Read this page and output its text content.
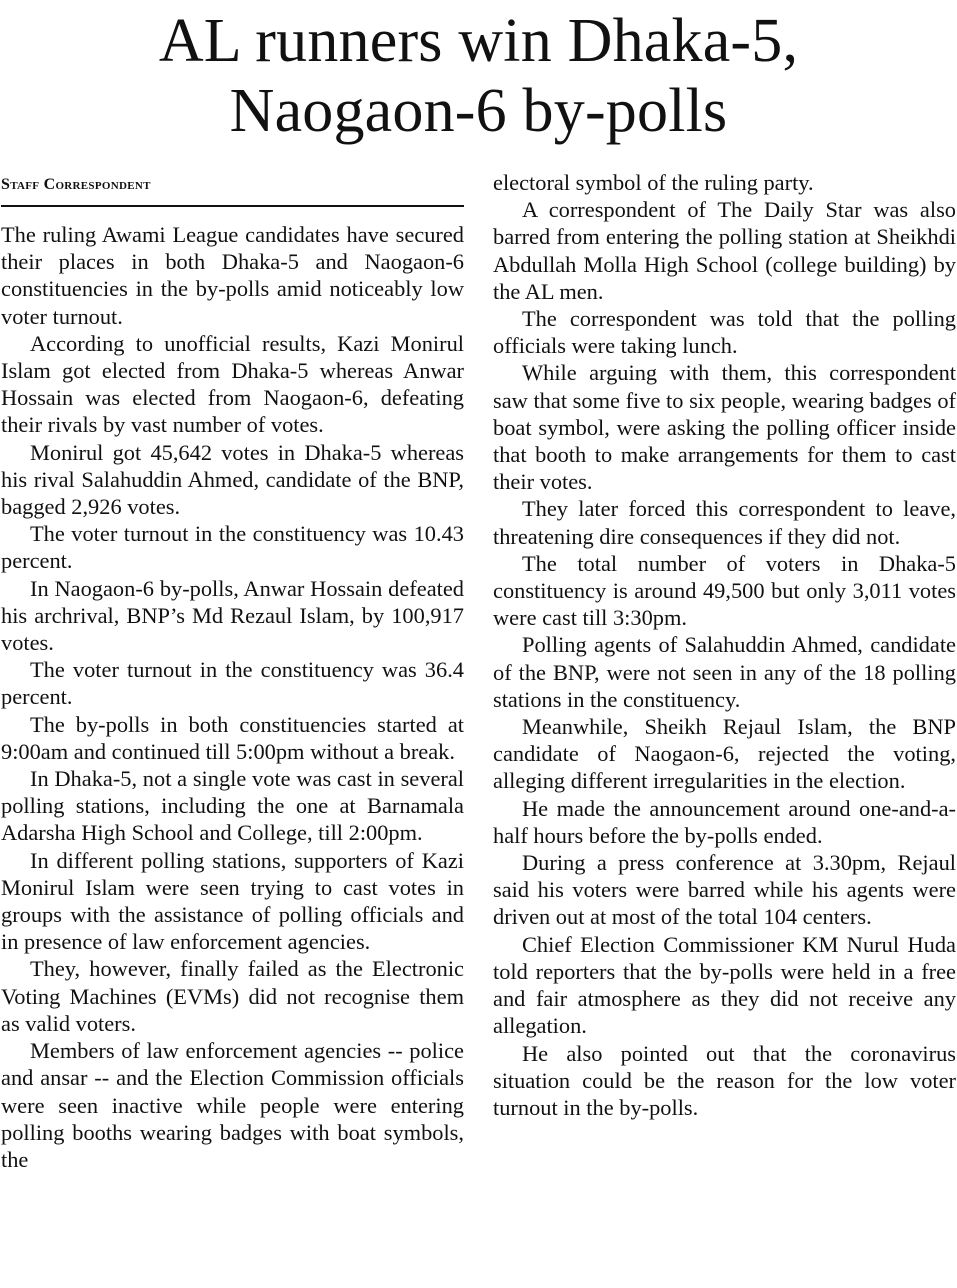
AL runners win Dhaka-5,
Naogaon-6 by-polls
Staff Correspondent

The ruling Awami League candidates have secured their places in both Dhaka-5 and Naogaon-6 constituencies in the by-polls amid noticeably low voter turnout.

According to unofficial results, Kazi Monirul Islam got elected from Dhaka-5 whereas Anwar Hossain was elected from Naogaon-6, defeating their rivals by vast number of votes.

Monirul got 45,642 votes in Dhaka-5 whereas his rival Salahuddin Ahmed, candidate of the BNP, bagged 2,926 votes.

The voter turnout in the constituency was 10.43 percent.

In Naogaon-6 by-polls, Anwar Hossain defeated his archrival, BNP’s Md Rezaul Islam, by 100,917 votes.

The voter turnout in the constituency was 36.4 percent.

The by-polls in both constituencies started at 9:00am and continued till 5:00pm without a break.

In Dhaka-5, not a single vote was cast in several polling stations, including the one at Barnamala Adarsha High School and College, till 2:00pm.

In different polling stations, supporters of Kazi Monirul Islam were seen trying to cast votes in groups with the assistance of polling officials and in presence of law enforcement agencies.

They, however, finally failed as the Electronic Voting Machines (EVMs) did not recognise them as valid voters.

Members of law enforcement agencies -- police and ansar -- and the Election Commission officials were seen inactive while people were entering polling booths wearing badges with boat symbols, the

electoral symbol of the ruling party.

A correspondent of The Daily Star was also barred from entering the polling station at Sheikhdi Abdullah Molla High School (college building) by the AL men.

The correspondent was told that the polling officials were taking lunch.

While arguing with them, this correspondent saw that some five to six people, wearing badges of boat symbol, were asking the polling officer inside that booth to make arrangements for them to cast their votes.

They later forced this correspondent to leave, threatening dire consequences if they did not.

The total number of voters in Dhaka-5 constituency is around 49,500 but only 3,011 votes were cast till 3:30pm.

Polling agents of Salahuddin Ahmed, candidate of the BNP, were not seen in any of the 18 polling stations in the constituency.

Meanwhile, Sheikh Rejaul Islam, the BNP candidate of Naogaon-6, rejected the voting, alleging different irregularities in the election.

He made the announcement around one-and-a-half hours before the by-polls ended.

During a press conference at 3.30pm, Rejaul said his voters were barred while his agents were driven out at most of the total 104 centers.

Chief Election Commissioner KM Nurul Huda told reporters that the by-polls were held in a free and fair atmosphere as they did not receive any allegation.

He also pointed out that the coronavirus situation could be the reason for the low voter turnout in the by-polls.
